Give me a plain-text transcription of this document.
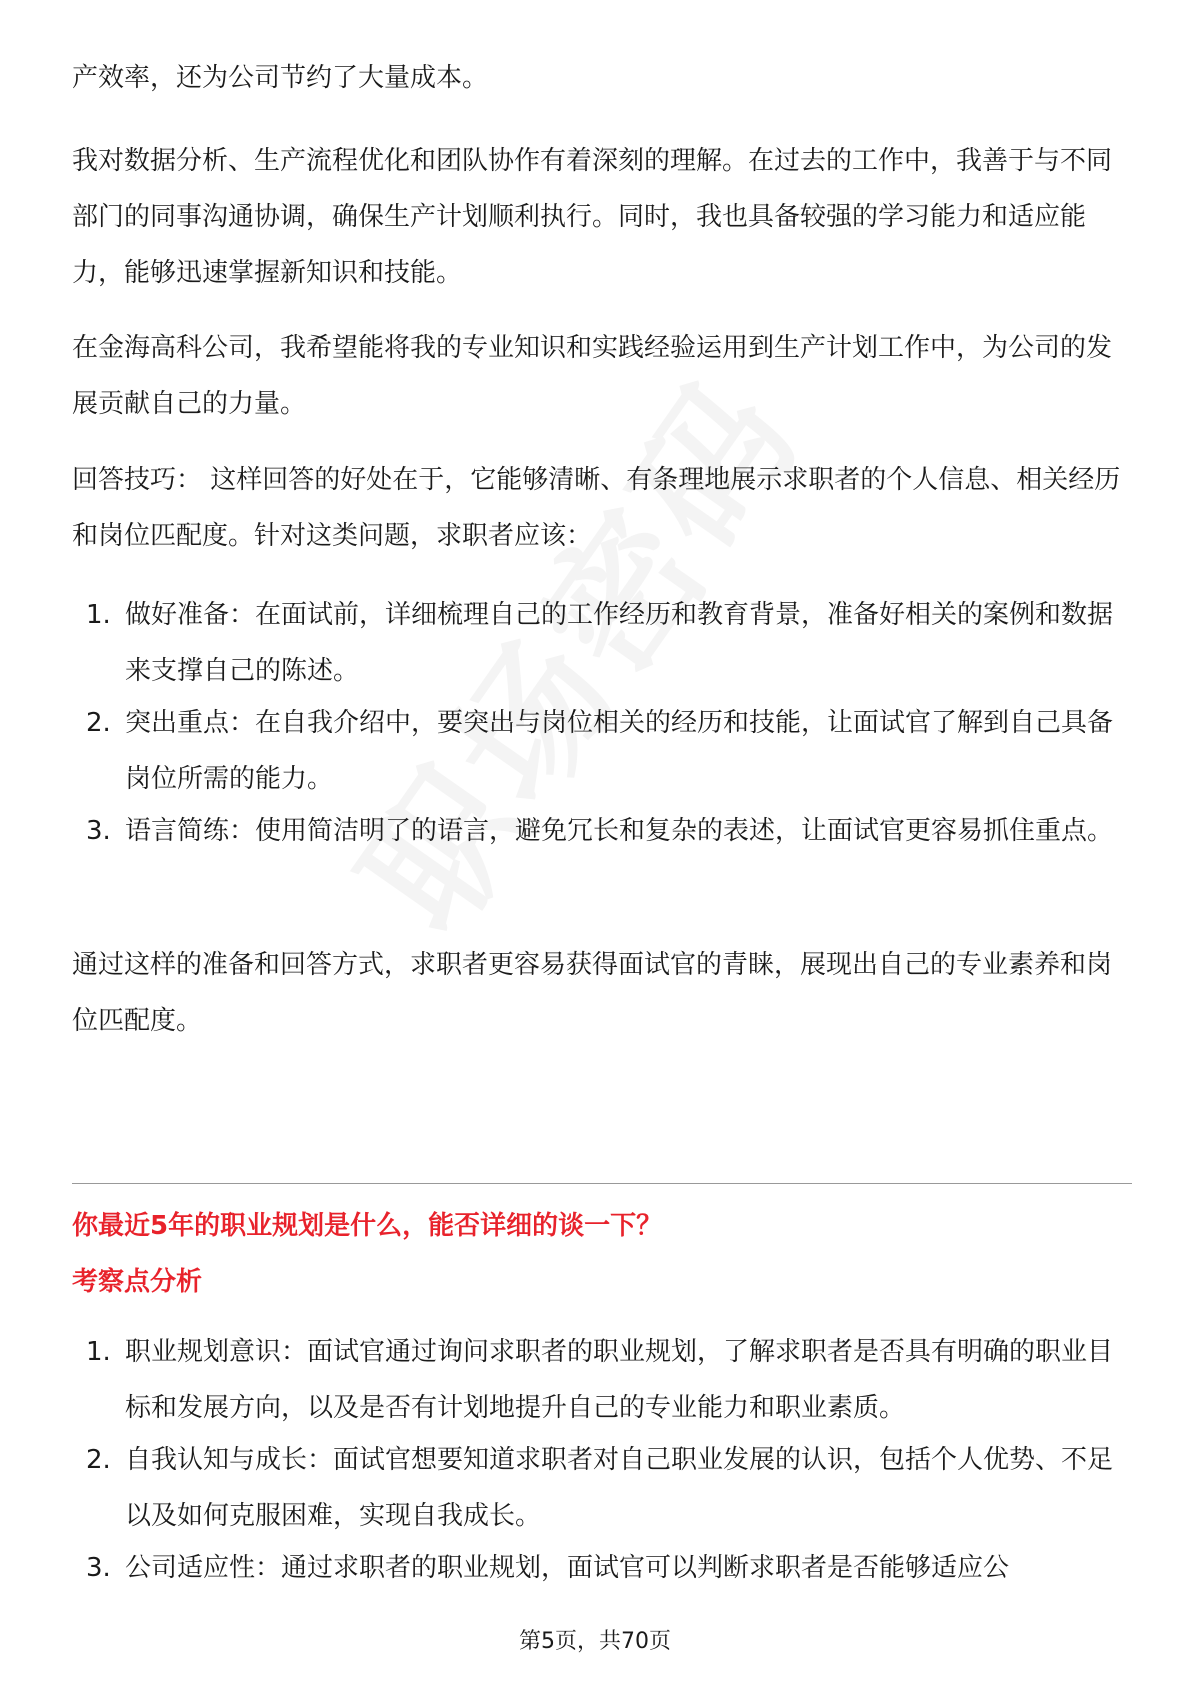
产效率，还为公司节约了大量成本。

我对数据分析、生产流程优化和团队协作有着深刻的理解。在过去的工作中，我善于与不同部门的同事沟通协调，确保生产计划顺利执行。同时，我也具备较强的学习能力和适应能力，能够迅速掌握新知识和技能。

在金海高科公司，我希望能将我的专业知识和实践经验运用到生产计划工作中，为公司的发展贡献自己的力量。

回答技巧： 这样回答的好处在于，它能够清晰、有条理地展示求职者的个人信息、相关经历和岗位匹配度。针对这类问题，求职者应该：

1. 做好准备：在面试前，详细梳理自己的工作经历和教育背景，准备好相关的案例和数据来支撑自己的陈述。
2. 突出重点：在自我介绍中，要突出与岗位相关的经历和技能，让面试官了解到自己具备岗位所需的能力。
3. 语言简练：使用简洁明了的语言，避免冗长和复杂的表述，让面试官更容易抓住重点。

通过这样的准备和回答方式，求职者更容易获得面试官的青睐，展现出自己的专业素养和岗位匹配度。

你最近5年的职业规划是什么，能否详细的谈一下？
考察点分析
1. 职业规划意识：面试官通过询问求职者的职业规划，了解求职者是否具有明确的职业目标和发展方向，以及是否有计划地提升自己的专业能力和职业素质。
2. 自我认知与成长：面试官想要知道求职者对自己职业发展的认识，包括个人优势、不足以及如何克服困难，实现自我成长。
3. 公司适应性：通过求职者的职业规划，面试官可以判断求职者是否能够适应公
第5页，共70页
